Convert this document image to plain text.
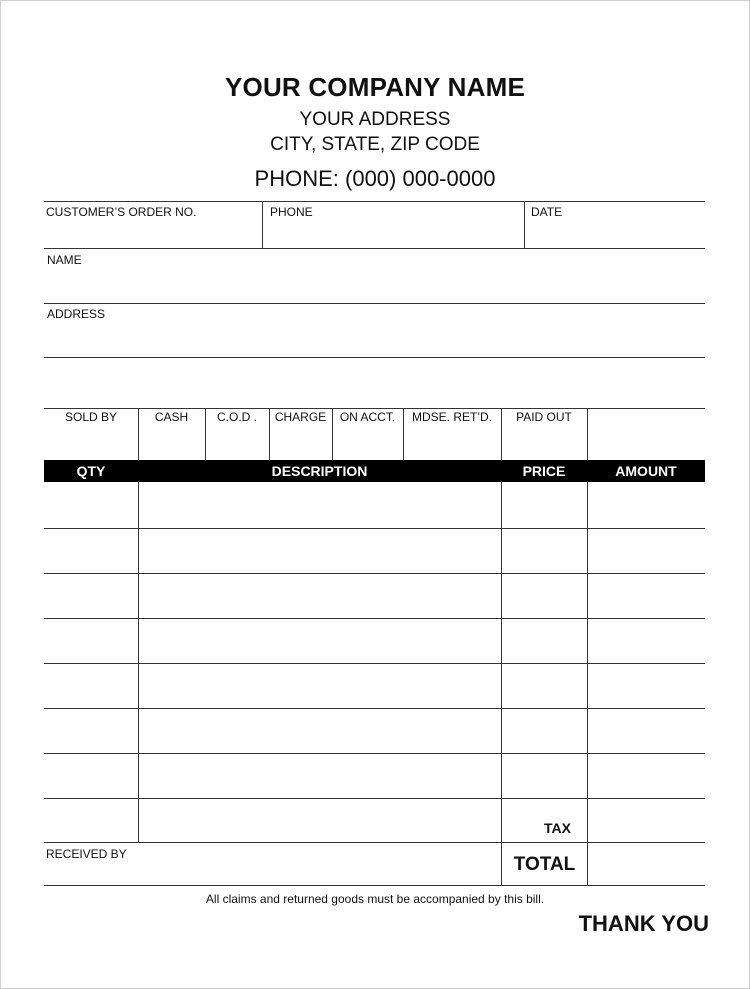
YOUR COMPANY NAME
YOUR ADDRESS
CITY, STATE, ZIP CODE
PHONE: (000) 000-0000
CUSTOMER’S ORDER NO.	PHONE	DATE
NAME
ADDRESS
SOLD BY	CASH	C.O.D .	CHARGE	ON ACCT.	MDSE. RET’D.	PAID OUT
QTY	DESCRIPTION	PRICE	AMOUNT
TAX
TOTAL
RECEIVED BY
All claims and returned goods must be accompanied by this bill.
THANK YOU
